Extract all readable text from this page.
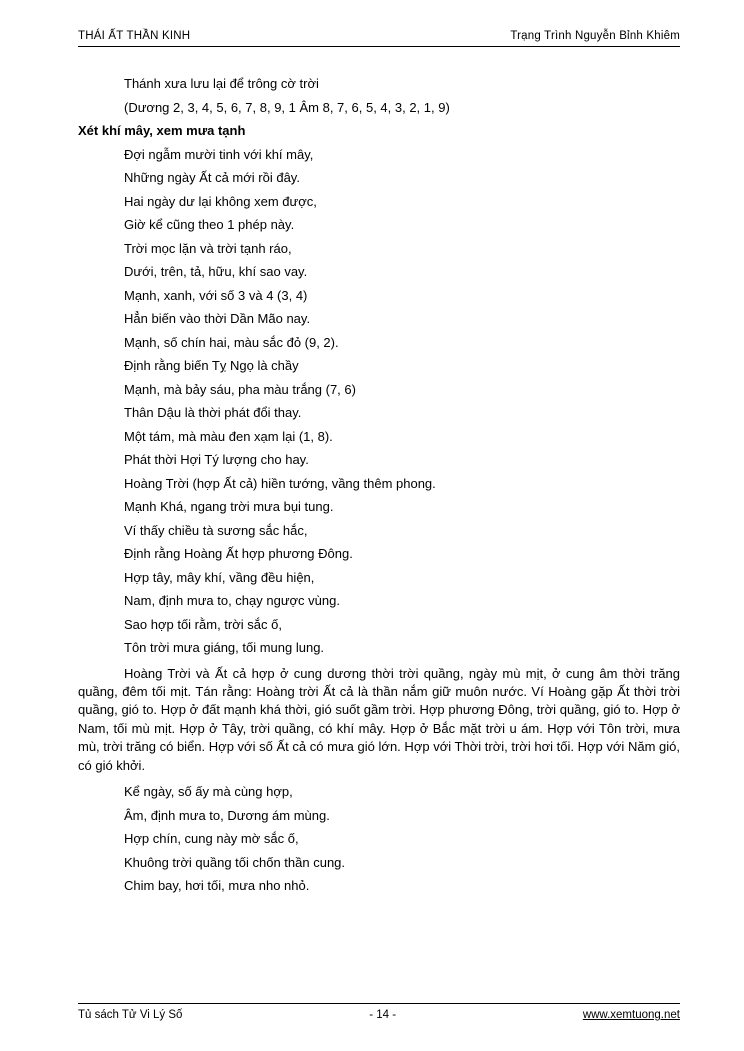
THÁI ẤT THẦN KINH	Trạng Trình Nguyễn Bỉnh Khiêm

Thánh xưa lưu lại để trông cờ trời

(Dương 2, 3, 4, 5, 6, 7, 8, 9, 1 Âm 8, 7, 6, 5, 4, 3, 2, 1, 9)

Xét khí mây, xem mưa tạnh

Đợi ngẫm mười tinh với khí mây,

Những ngày Ất cả mới rồi đây.

Hai ngày dư lại không xem được,

Giờ kể cũng theo 1 phép này.

Trời mọc lặn và trời tạnh ráo,

Dưới, trên, tả, hữu, khí sao vay.

Mạnh, xanh, với số 3 và 4 (3, 4)

Hẳn biến vào thời Dần Mão nay.

Mạnh, số chín hai, màu sắc đỏ (9, 2).

Định rằng biến Tỵ Ngọ là chầy

Mạnh, mà bảy sáu, pha màu trắng (7, 6)

Thân Dậu là thời phát đổi thay.

Một tám, mà màu đen xạm lại (1, 8).

Phát thời Hợi Tý lượng cho hay.

Hoàng Trời (hợp Ất cả) hiền tướng, vầng thêm phong.

Mạnh Khá, ngang trời mưa bụi tung.

Ví thấy chiều tà sương sắc hắc,

Định rằng Hoàng Ất hợp phương Đông.

Hợp tây, mây khí, vầng đều hiện,

Nam, định mưa to, chạy ngược vùng.

Sao hợp tối rằm, trời sắc ố,

Tôn trời mưa giáng, tối mung lung.

Hoàng Trời và Ất cả hợp ở cung dương thời trời quầng, ngày mù mịt, ở cung âm thời trăng quầng, đêm tối mịt. Tán rằng: Hoàng trời Ất cả là thần nắm giữ muôn nước. Ví Hoàng gặp Ất thời trời quầng, gió to. Hợp ở đất mạnh khá thời, gió suốt gầm trời. Hợp phương Đông, trời quầng, gió to. Hợp ở Nam, tối mù mịt. Hợp ở Tây, trời quầng, có khí mây. Hợp ở Bắc mặt trời u ám. Hợp với Tôn trời, mưa mù, trời trăng có biển. Hợp với số Ất cả có mưa gió lớn. Hợp với Thời trời, trời hơi tối. Hợp với Năm gió, có gió khởi.

Kể ngày, số ấy mà cùng hợp,

Âm, định mưa to, Dương ám mùng.

Hợp chín, cung này mờ sắc ố,

Khuông trời quầng tối chốn thần cung.

Chim bay, hơi tối, mưa nho nhỏ.

Tủ sách Tử Vi Lý Số	- 14 -	www.xemtuong.net
